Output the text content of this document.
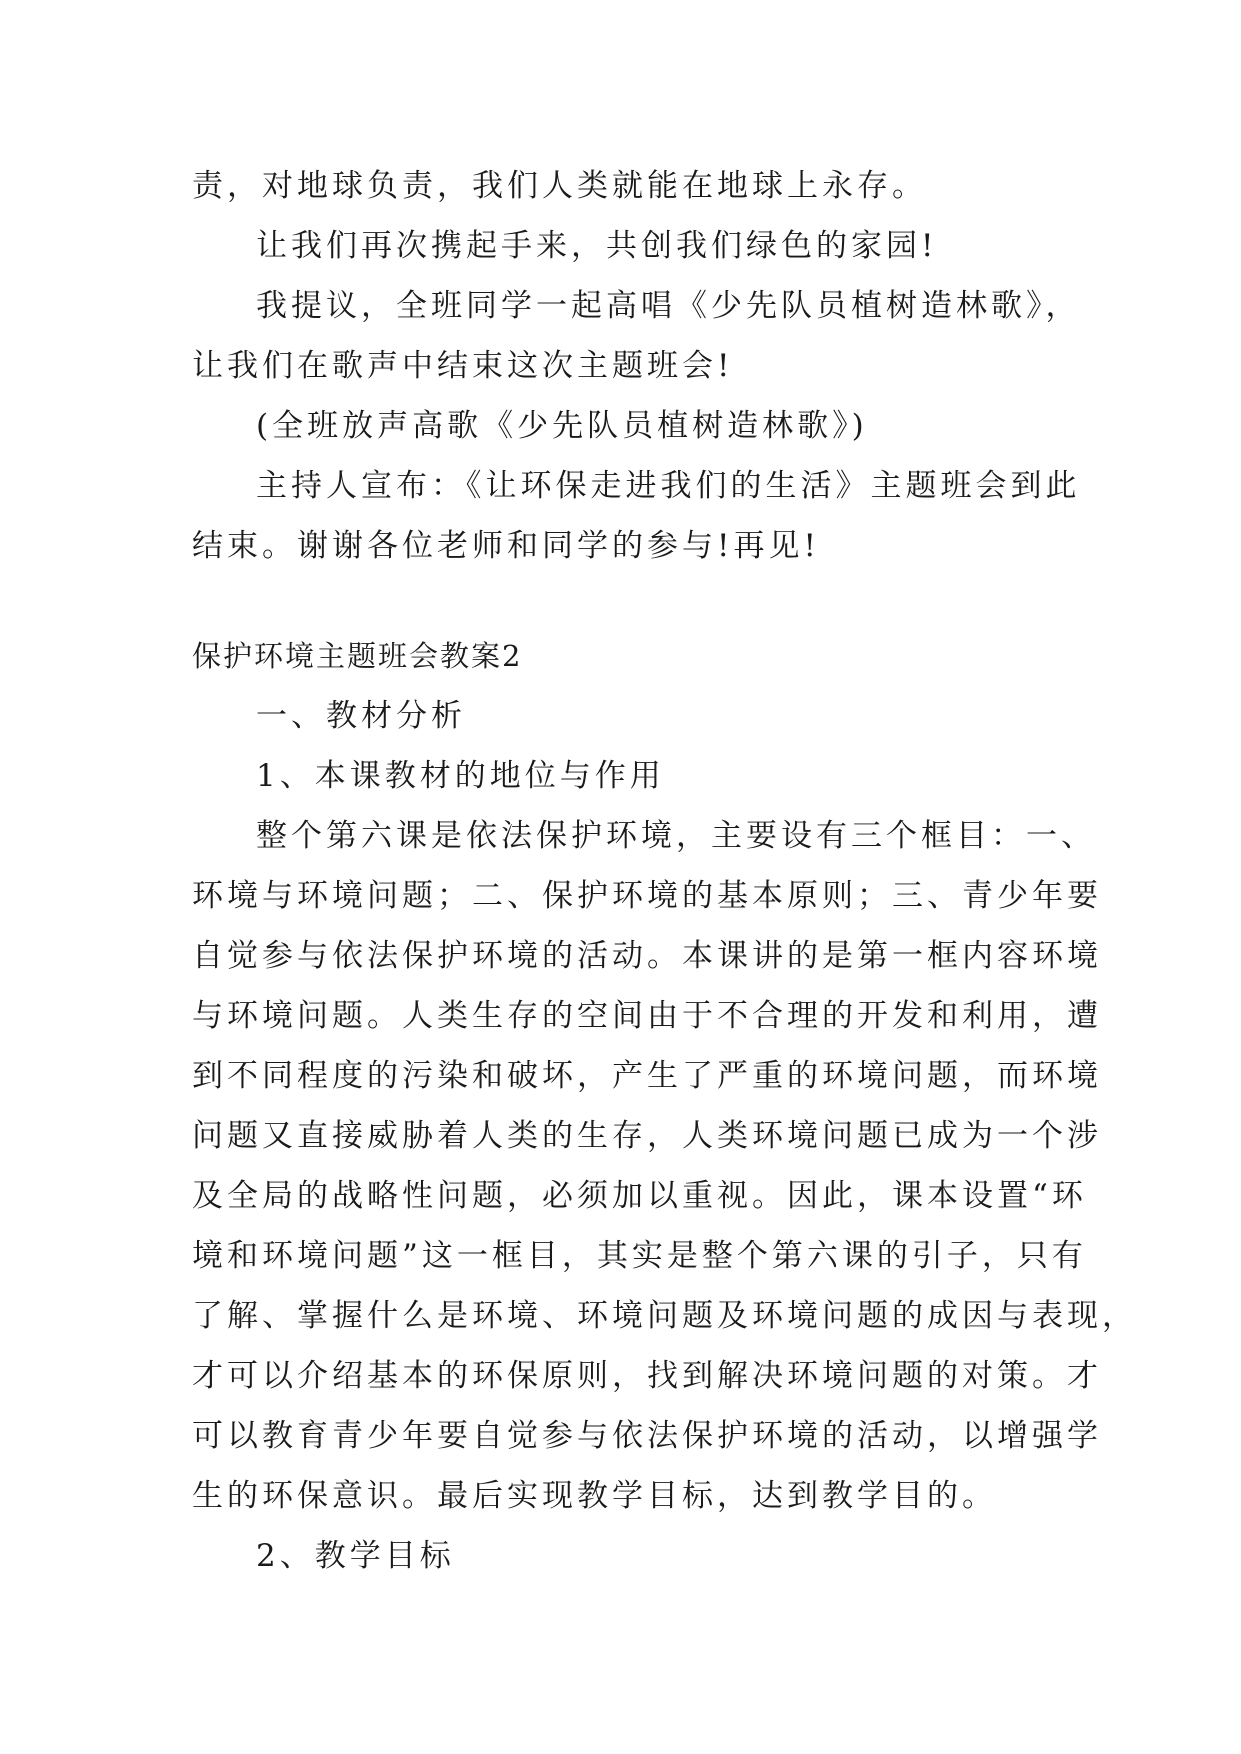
责，对地球负责，我们人类就能在地球上永存。
让我们再次携起手来，共创我们绿色的家园!
我提议，全班同学一起高唱《少先队员植树造林歌》，
让我们在歌声中结束这次主题班会!
(全班放声高歌《少先队员植树造林歌》)
主持人宣布：《让环保走进我们的生活》主题班会到此
结束。谢谢各位老师和同学的参与!再见!
保护环境主题班会教案2
一、教材分析
1、本课教材的地位与作用
整个第六课是依法保护环境，主要设有三个框目：一、
环境与环境问题；二、保护环境的基本原则；三、青少年要
自觉参与依法保护环境的活动。本课讲的是第一框内容环境
与环境问题。人类生存的空间由于不合理的开发和利用，遭
到不同程度的污染和破坏，产生了严重的环境问题，而环境
问题又直接威胁着人类的生存，人类环境问题已成为一个涉
及全局的战略性问题，必须加以重视。因此，课本设置“环
境和环境问题”这一框目，其实是整个第六课的引子，只有
了解、掌握什么是环境、环境问题及环境问题的成因与表现，
才可以介绍基本的环保原则，找到解决环境问题的对策。才
可以教育青少年要自觉参与依法保护环境的活动，以增强学
生的环保意识。最后实现教学目标，达到教学目的。
2、教学目标
